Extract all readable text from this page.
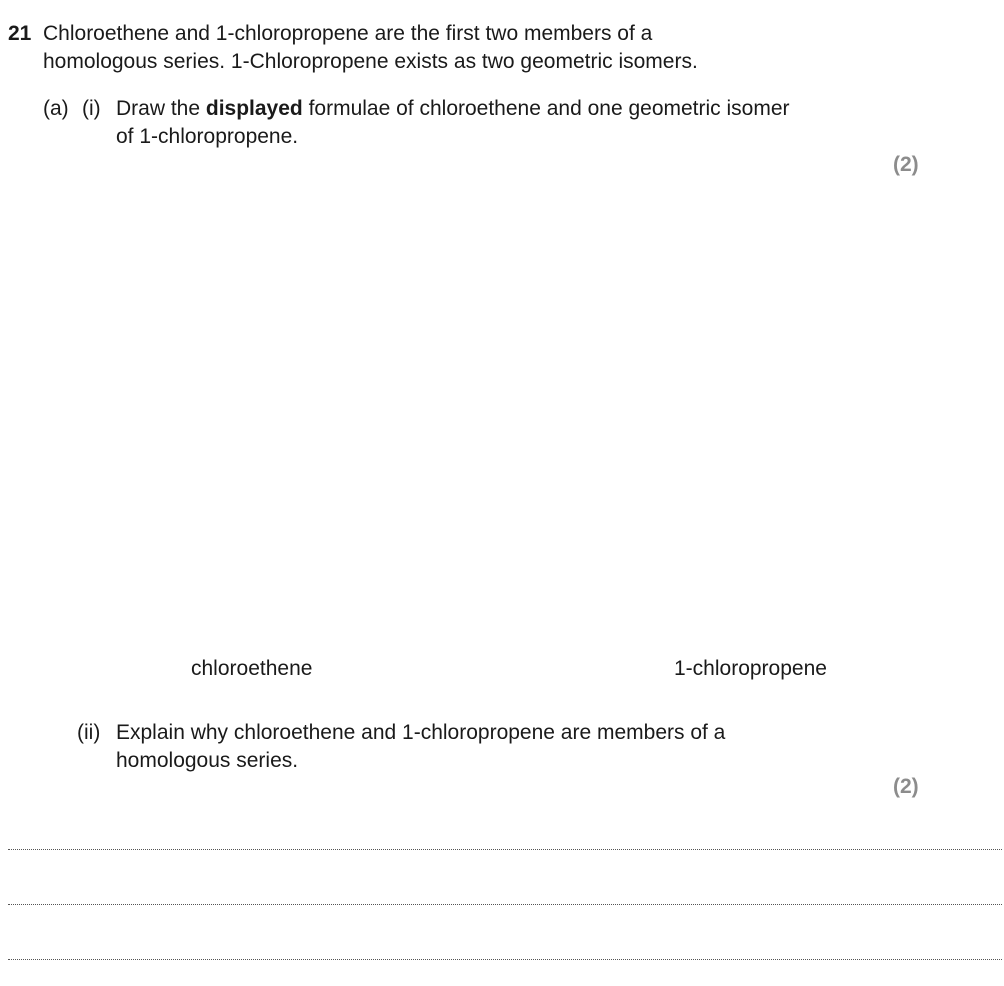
21 Chloroethene and 1-chloropropene are the first two members of a
homologous series. 1-Chloropropene exists as two geometric isomers.
(a) (i) Draw the displayed formulae of chloroethene and one geometric isomer
of 1-chloropropene.
(2)
chloroethene	1-chloropropene
(ii) Explain why chloroethene and 1-chloropropene are members of a
homologous series.
(2)
